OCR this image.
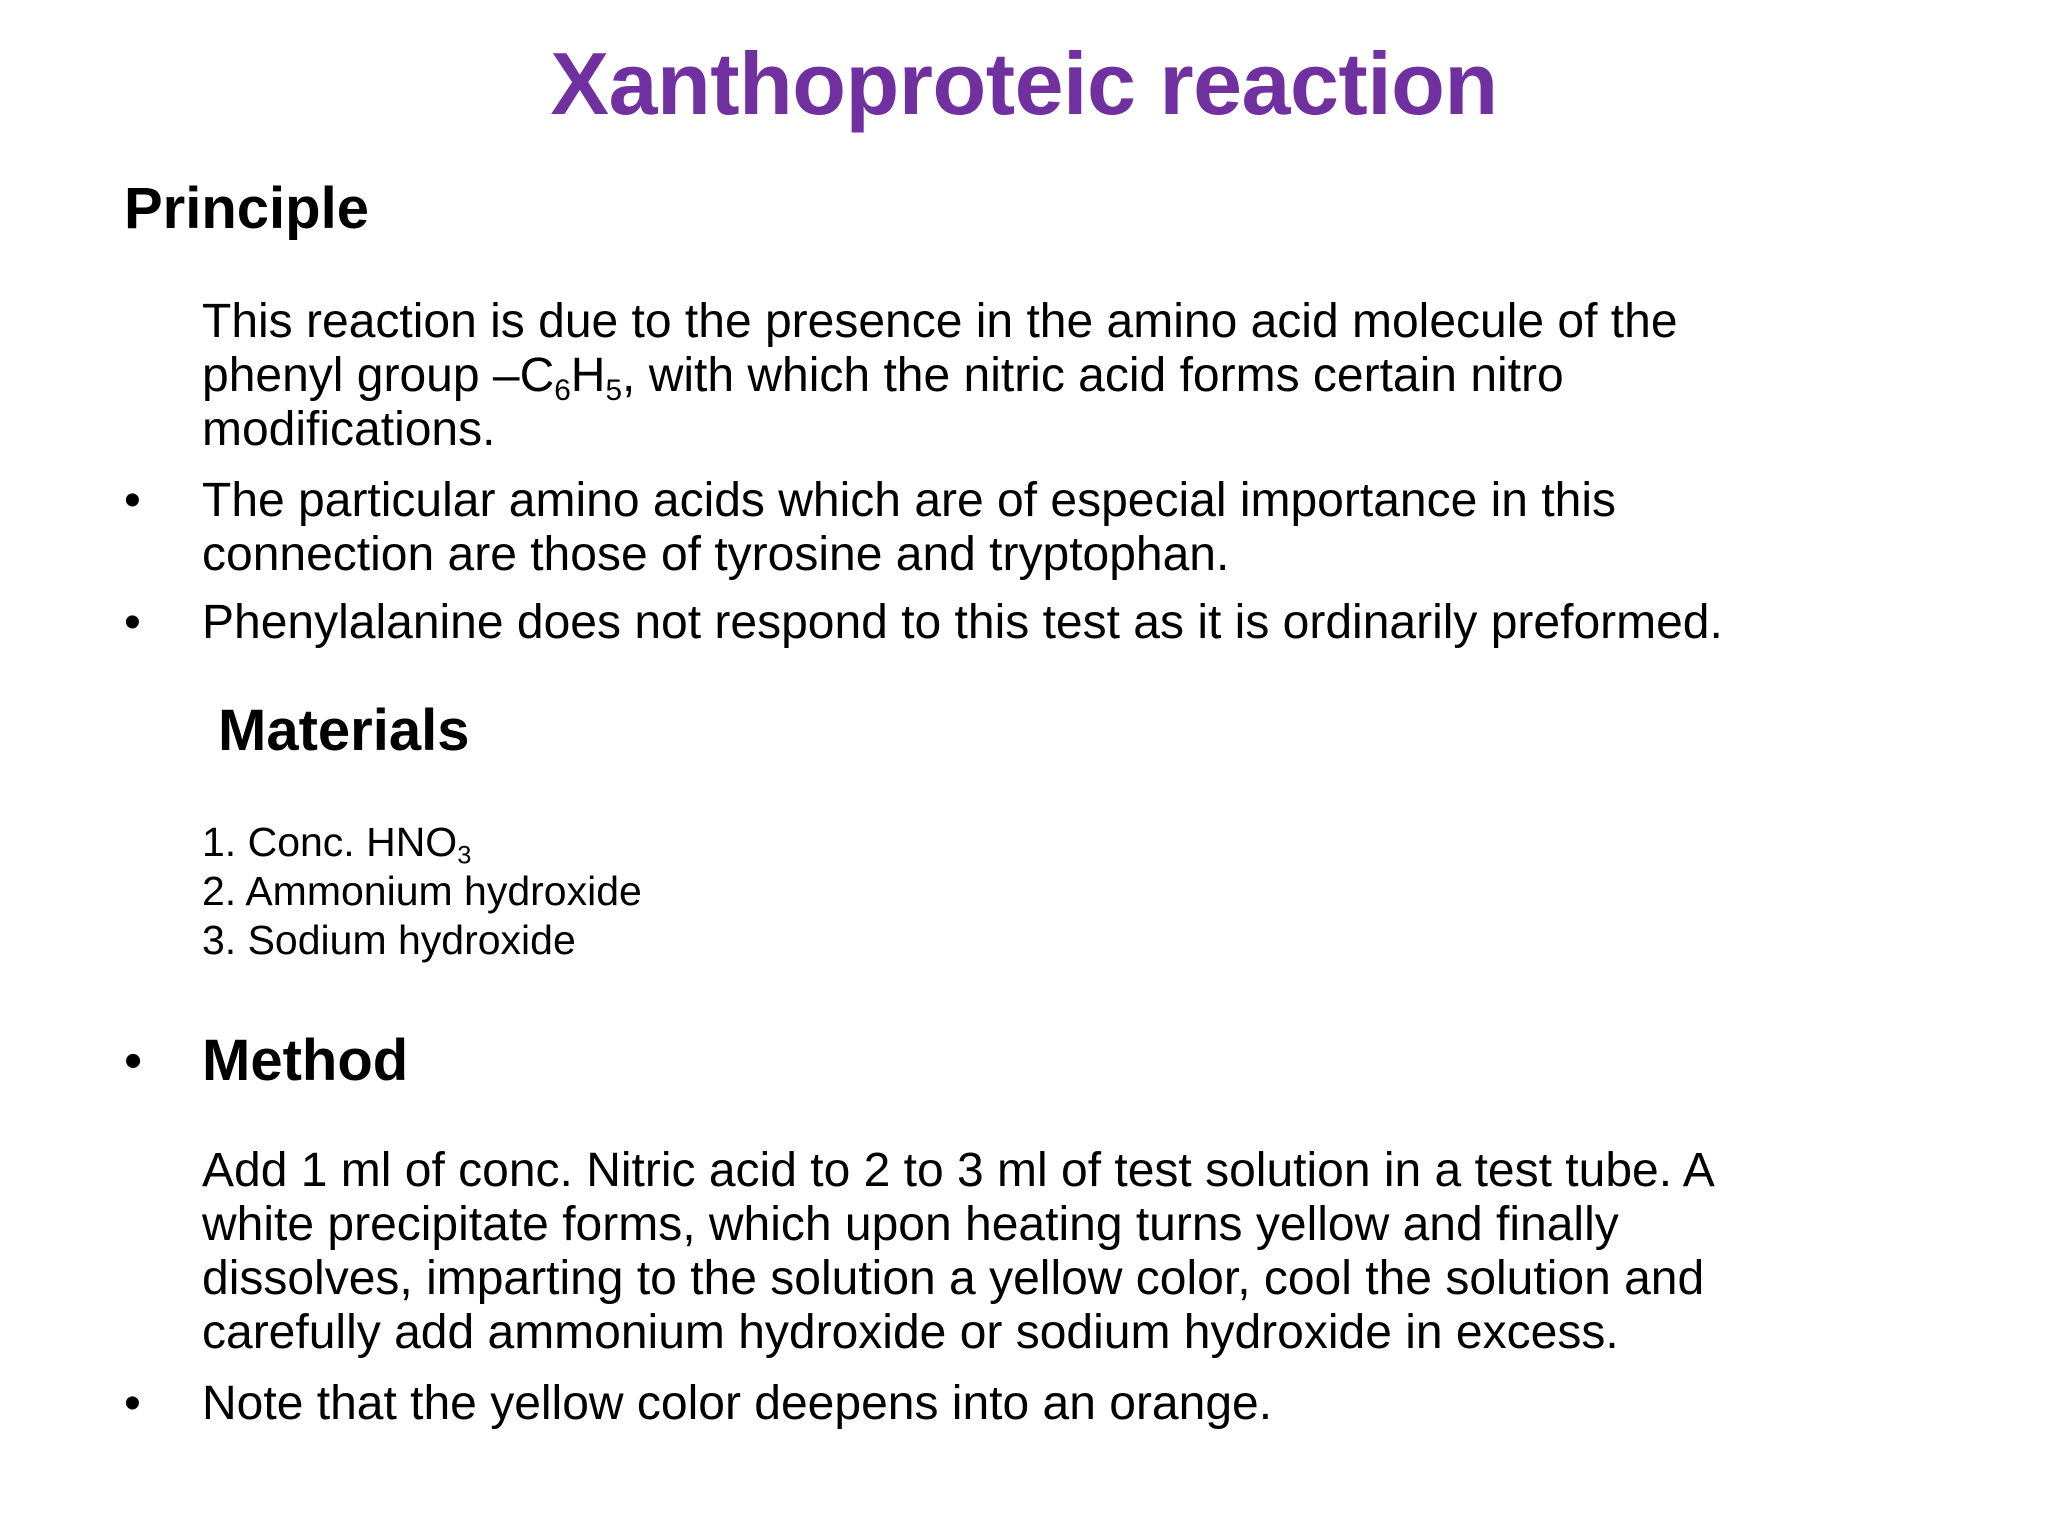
Xanthoproteic reaction
Principle
This reaction is due to the presence in the amino acid molecule of the
phenyl group $-C_6H_5$, with which the nitric acid forms certain nitro
modifications.
• The particular amino acids which are of especial importance in this
connection are those of tyrosine and tryptophan.
• Phenylalanine does not respond to this test as it is ordinarily preformed.
Materials
1. Conc. $HNO_3$
2. Ammonium hydroxide
3. Sodium hydroxide
• Method
Add 1 ml of conc. Nitric acid to 2 to 3 ml of test solution in a test tube. A
white precipitate forms, which upon heating turns yellow and finally
dissolves, imparting to the solution a yellow color, cool the solution and
carefully add ammonium hydroxide or sodium hydroxide in excess.
• Note that the yellow color deepens into an orange.
